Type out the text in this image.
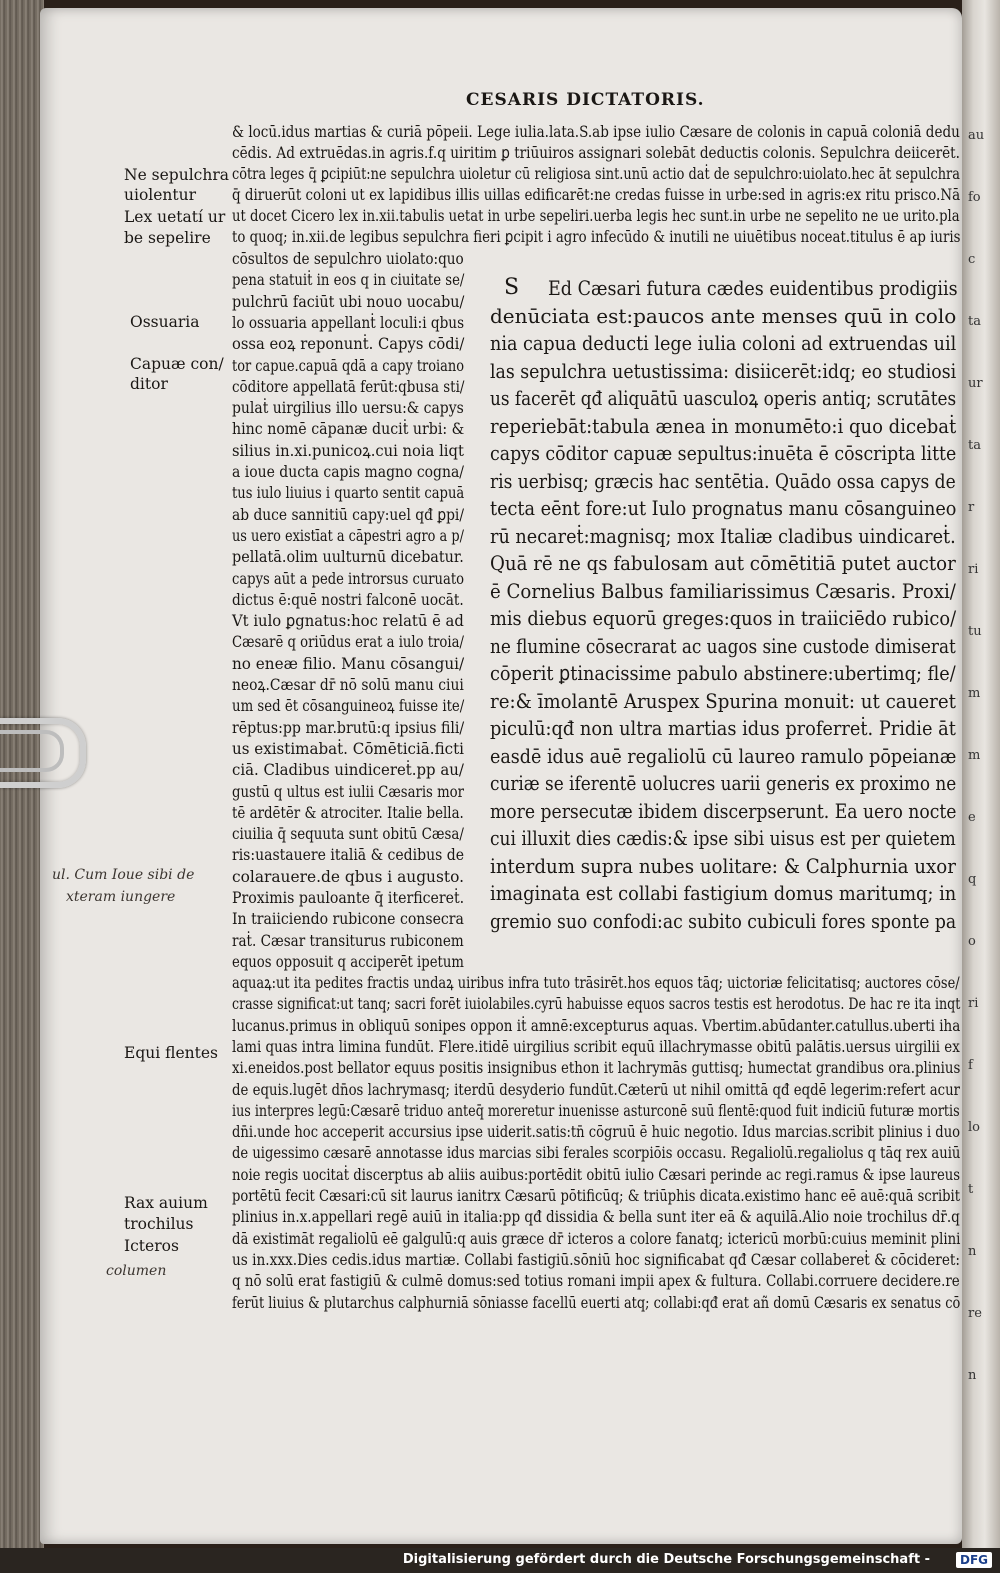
au
fo
c
ta
ur
ta
r
ri
tu
m
m
e
q
o
ri
f
lo
t
n
re
n
CESARIS DICTATORIS.
& locū.idus martias & curiā pōpeii. Lege iulia.lata.S.ab ipse iulio Cæsare de colonis in capuā coloniā dedu
cēdis. Ad extruēdas.in agris.f.q uiritim ꝑ triūuiros assignari solebāt deductis colonis. Sepulchra deiicerēt.
cōtra leges q̄ ꝑcipiūt:ne sepulchra uioletur cū religiosa sint.unū actio daṫ de sepulchro:uiolato.hec āt sepulchra
q̄ diruerūt coloni ut ex lapidibus illis uillas edificarēt:ne credas fuisse in urbe:sed in agris:ex ritu prisco.Nā
ut docet Cicero lex in.xii.tabulis uetat in urbe sepeliri.uerba legis hec sunt.in urbe ne sepelito ne ue urito.pla
to quoq; in.xii.de legibus sepulchra fieri ꝑcipit i agro infecūdo & inutili ne uiuētibus noceat.titulus ē ap iuris
cōsultos de sepulchro uiolato:quo
pena statuiṫ in eos q in ciuitate se/
pulchrū faciūt ubi nouo uocabu/
lo ossuaria appellanṫ loculi:i qbus
ossa eoꝝ reponunṫ. Capys cōdi/
tor capue.capuā qdā a capy troiano
cōditore appellatā ferūt:qbusa sti/
pulaṫ uirgilius illo uersu:& capys
hinc nomē cāpanæ duciṫ urbi: &
silius in.xi.punicoꝝ.cui noia liqt
a ioue ducta capis magno cogna/
tus iulo liuius i quarto sentit capuā
ab duce sannitiū capy:uel qđ ꝑpi/
us uero existīat a cāpestri agro a p/
pellatā.olim uulturnū dicebatur.
capys aūt a pede introrsus curuato
dictus ē:quē nostri falconē uocāt.
Vt iulo ꝑgnatus:hoc relatū ē ad
Cæsarē q oriūdus erat a iulo troia/
no eneæ filio. Manu cōsangui/
neoꝝ.Cæsar dr̄ nō solū manu ciui
um sed ēt cōsanguineoꝝ fuisse ite/
rēptus:pp mar.brutū:q ipsius fili/
us existimabaṫ. Cōmēticiā.ficti
ciā. Cladibus uindicereṫ.pp au/
gustū q ultus est iulii Cæsaris mor
tē ardētēr & atrociter. Italie bella.
ciuilia q̄ sequuta sunt obitū Cæsa/
ris:uastauere italiā & cedibus de
colarauere.de qbus i augusto.
Proximis pauloante q̄ iterficereṫ.
In traiiciendo rubicone consecra
raṫ. Cæsar transiturus rubiconem
equos opposuit q acciperēt ipetum
S Ed Cæsari futura cædes euidentibus prodigiis
denūciata est:paucos ante menses quū in colo
nia capua deducti lege iulia coloni ad extruendas uil
las sepulchra uetustissima: disiicerēt:idq; eo studiosi
us facerēt qđ aliquātū uasculoꝝ operis antiq; scrutātes
reperiebāt:tabula ænea in monumēto:i quo dicebaṫ
capys cōditor capuæ sepultus:inuēta ē cōscripta litte
ris uerbisq; græcis hac sentētia. Quādo ossa capys de
tecta eēnt fore:ut Iulo prognatus manu cōsanguineo
rū necareṫ:magnisq; mox Italiæ cladibus uindicareṫ.
Quā rē ne qs fabulosam aut cōmētitiā putet auctor
ē Cornelius Balbus familiarissimus Cæsaris. Proxi/
mis diebus equorū greges:quos in traiiciēdo rubico/
ne flumine cōsecrarat ac uagos sine custode dimiserat
cōperit ꝑtinacissime pabulo abstinere:ubertimq; fle/
re:& īmolantē Aruspex Spurina monuit: ut caueret
piculū:qđ non ultra martias idus proferreṫ. Pridie āt
easdē idus auē regaliolū cū laureo ramulo pōpeianæ
curiæ se iferentē uolucres uarii generis ex proximo ne
more persecutæ ibidem discerpserunt. Ea uero nocte
cui illuxit dies cædis:& ipse sibi uisus est per quietem
interdum supra nubes uolitare: & Calphurnia uxor
imaginata est collabi fastigium domus maritumq; in
gremio suo confodi:ac subito cubiculi fores sponte pa
aquaꝝ:ut ita pedites fractis undaꝝ uiribus infra tuto trāsirēt.hos equos tāq; uictoriæ felicitatisq; auctores cōse/
crasse significat:ut tanq; sacri forēt iuiolabiles.cyrū habuisse equos sacros testis est herodotus. De hac re ita inqt
lucanus.primus in obliquū sonipes oppon iṫ amnē:excepturus aquas. Vbertim.abūdanter.catullus.uberti iha
lami quas intra limina fundūt. Flere.itidē uirgilius scribit equū illachrymasse obitū palātis.uersus uirgilii ex
xi.eneidos.post bellator equus positis insignibus ethon it lachrymās guttisq; humectat grandibus ora.plinius
de equis.lugēt dn̄os lachrymasq; iterdū desyderio fundūt.Cæterū ut nihil omittā qđ eqdē legerim:refert acur
ius interpres legū:Cæsarē triduo anteq̄ moreretur inuenisse asturconē suū flentē:quod fuit indiciū futuræ mortis
dn̄i.unde hoc acceperit accursius ipse uiderit.satis:tn̄ cōgruū ē huic negotio. Idus marcias.scribit plinius i duo
de uigessimo cæsarē annotasse idus marcias sibi ferales scorpiōis occasu. Regaliolū.regaliolus q tāq rex auiū
noie regis uocitaṫ discerptus ab aliis auibus:portēdit obitū iulio Cæsari perinde ac regi.ramus & ipse laureus
portētū fecit Cæsari:cū sit laurus ianitrx Cæsarū pōtificūq; & triūphis dicata.existimo hanc eē auē:quā scribit
plinius in.x.appellari regē auiū in italia:pp qđ dissidia & bella sunt iter eā & aquilā.Alio noie trochilus dr̄.q
dā existimāt regaliolū eē galgulū:q auis græce dr̄ icteros a colore fanatq; ictericū morbū:cuius meminit plini
us in.xxx.Dies cedis.idus martiæ. Collabi fastigiū.sōniū hoc significabat qđ Cæsar collabereṫ & cōcideret:
q nō solū erat fastigiū & culmē domus:sed totius romani impii apex & fultura. Collabi.corruere decidere.re
ferūt liuius & plutarchus calphurniā sōniasse facellū euerti atq; collabi:qđ erat añ domū Cæsaris ex senatus cō
Ne sepulchra
uiolentur
Lex uetatí ur
be sepelire
Ossuaria
Capuæ con/
ditor
Equi flentes
Rax auium
trochilus
Icteros
ul. Cum Ioue sibi de
xteram iungere
columen
Digitalisierung gefördert durch die Deutsche Forschungsgemeinschaft -	DFG
